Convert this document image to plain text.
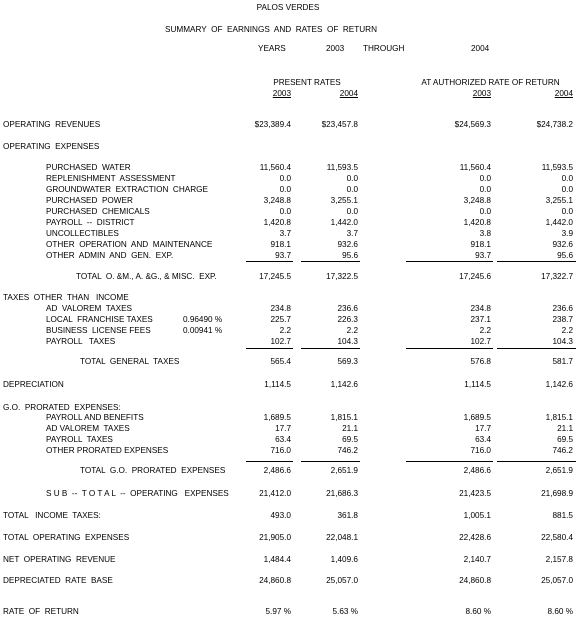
PALOS VERDES
SUMMARY  OF  EARNINGS  AND  RATES  OF  RETURN
YEARS	2003 THROUGH	2004
PRESENT RATES	AT AUTHORIZED RATE OF RETURN
2003	2004	2003	2004
OPERATING  REVENUES	$23,389.4	$23,457.8	$24,569.3	$24,738.2
OPERATING  EXPENSES
PURCHASED  WATER	11,560.4	11,593.5	11,560.4	11,593.5
REPLENISHMENT  ASSESSMENT	0.0	0.0	0.0	0.0
GROUNDWATER  EXTRACTION  CHARGE	0.0	0.0	0.0	0.0
PURCHASED  POWER	3,248.8	3,255.1	3,248.8	3,255.1
PURCHASED  CHEMICALS	0.0	0.0	0.0	0.0
PAYROLL  --  DISTRICT	1,420.8	1,442.0	1,420.8	1,442.0
UNCOLLECTIBLES	3.7	3.7	3.8	3.9
OTHER  OPERATION  AND  MAINTENANCE	918.1	932.6	918.1	932.6
OTHER  ADMIN  AND  GEN.  EXP.	93.7	95.6	93.7	95.6
TOTAL  O. &M., A. &G., & MISC.  EXP.	17,245.5	17,322.5	17,245.6	17,322.7
TAXES  OTHER  THAN   INCOME
AD  VALOREM  TAXES	234.8	236.6	234.8	236.6
LOCAL  FRANCHISE TAXES	0.96490 %	225.7	226.3	237.1	238.7
BUSINESS  LICENSE FEES	0.00941 %	2.2	2.2	2.2	2.2
PAYROLL   TAXES	102.7	104.3	102.7	104.3
TOTAL  GENERAL  TAXES	565.4	569.3	576.8	581.7
DEPRECIATION	1,114.5	1,142.6	1,114.5	1,142.6
G.O.  PRORATED  EXPENSES:
PAYROLL AND BENEFITS	1,689.5	1,815.1	1,689.5	1,815.1
AD VALOREM  TAXES	17.7	21.1	17.7	21.1
PAYROLL  TAXES	63.4	69.5	63.4	69.5
OTHER PRORATED EXPENSES	716.0	746.2	716.0	746.2
TOTAL  G.O.  PRORATED  EXPENSES	2,486.6	2,651.9	2,486.6	2,651.9
S U B  --  T O T A L  --  OPERATING   EXPENSES	21,412.0	21,686.3	21,423.5	21,698.9
TOTAL   INCOME  TAXES:	493.0	361.8	1,005.1	881.5
TOTAL  OPERATING  EXPENSES	21,905.0	22,048.1	22,428.6	22,580.4
NET  OPERATING  REVENUE	1,484.4	1,409.6	2,140.7	2,157.8
DEPRECIATED  RATE  BASE	24,860.8	25,057.0	24,860.8	25,057.0
RATE  OF  RETURN	5.97 %	5.63 %	8.60 %	8.60 %
